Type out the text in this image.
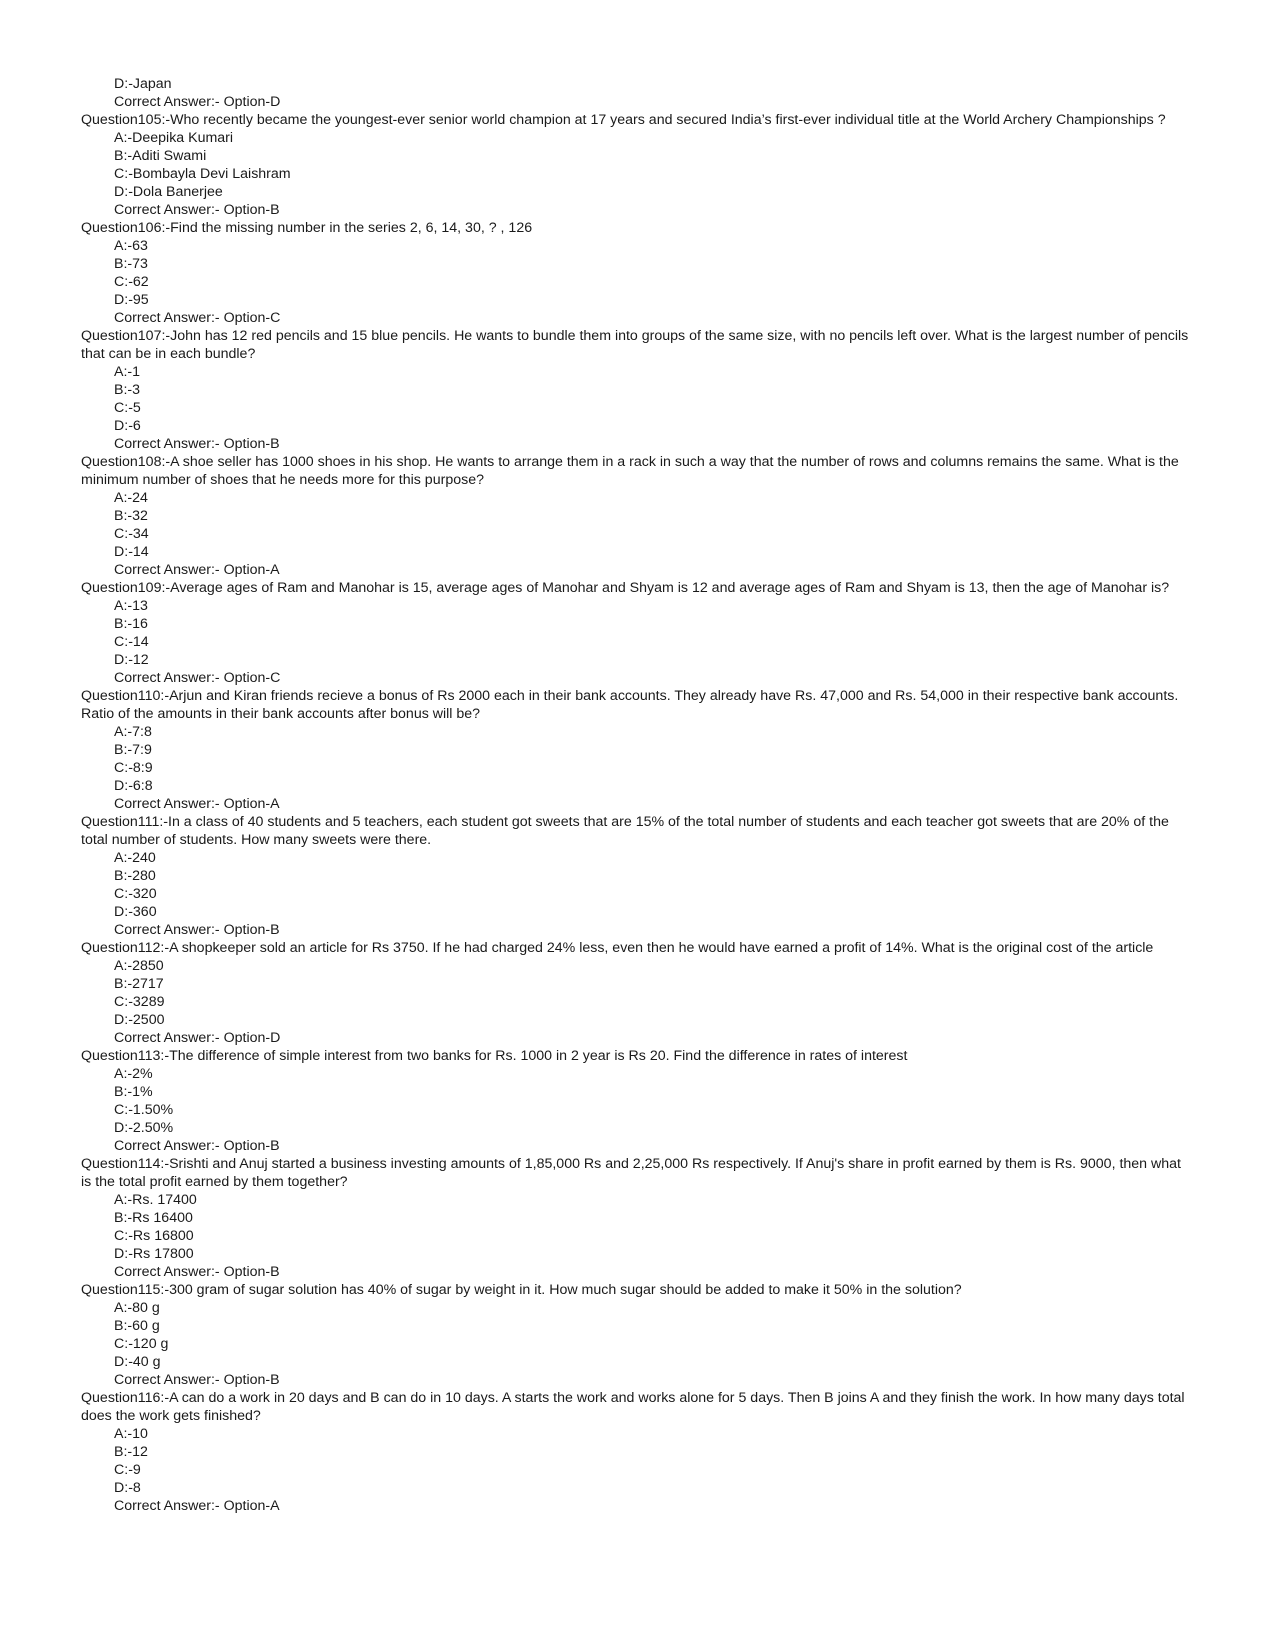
D:-Japan
Correct Answer:- Option-D
Question105:-Who recently became the youngest-ever senior world champion at 17 years and secured India’s first-ever individual title at the World Archery Championships ?
A:-Deepika Kumari
B:-Aditi Swami
C:-Bombayla Devi Laishram
D:-Dola Banerjee
Correct Answer:- Option-B
Question106:-Find the missing number in the series 2, 6, 14, 30, ? , 126
A:-63
B:-73
C:-62
D:-95
Correct Answer:- Option-C
Question107:-John has 12 red pencils and 15 blue pencils. He wants to bundle them into groups of the same size, with no pencils left over. What is the largest number of pencils that can be in each bundle?
A:-1
B:-3
C:-5
D:-6
Correct Answer:- Option-B
Question108:-A shoe seller has 1000 shoes in his shop. He wants to arrange them in a rack in such a way that the number of rows and columns remains the same. What is the minimum number of shoes that he needs more for this purpose?
A:-24
B:-32
C:-34
D:-14
Correct Answer:- Option-A
Question109:-Average ages of Ram and Manohar is 15, average ages of Manohar and Shyam is 12 and average ages of Ram and Shyam is 13, then the age of Manohar is?
A:-13
B:-16
C:-14
D:-12
Correct Answer:- Option-C
Question110:-Arjun and Kiran friends recieve a bonus of Rs 2000 each in their bank accounts. They already have Rs. 47,000 and Rs. 54,000 in their respective bank accounts. Ratio of the amounts in their bank accounts after bonus will be?
A:-7:8
B:-7:9
C:-8:9
D:-6:8
Correct Answer:- Option-A
Question111:-In a class of 40 students and 5 teachers, each student got sweets that are 15% of the total number of students and each teacher got sweets that are 20% of the total number of students. How many sweets were there.
A:-240
B:-280
C:-320
D:-360
Correct Answer:- Option-B
Question112:-A shopkeeper sold an article for Rs 3750. If he had charged 24% less, even then he would have earned a profit of 14%. What is the original cost of the article
A:-2850
B:-2717
C:-3289
D:-2500
Correct Answer:- Option-D
Question113:-The difference of simple interest from two banks for Rs. 1000 in 2 year is Rs 20. Find the difference in rates of interest
A:-2%
B:-1%
C:-1.50%
D:-2.50%
Correct Answer:- Option-B
Question114:-Srishti and Anuj started a business investing amounts of 1,85,000 Rs and 2,25,000 Rs respectively. If Anuj's share in profit earned by them is Rs. 9000, then what is the total profit earned by them together?
A:-Rs. 17400
B:-Rs 16400
C:-Rs 16800
D:-Rs 17800
Correct Answer:- Option-B
Question115:-300 gram of sugar solution has 40% of sugar by weight in it. How much sugar should be added to make it 50% in the solution?
A:-80 g
B:-60 g
C:-120 g
D:-40 g
Correct Answer:- Option-B
Question116:-A can do a work in 20 days and B can do in 10 days. A starts the work and works alone for 5 days. Then B joins A and they finish the work. In how many days total does the work gets finished?
A:-10
B:-12
C:-9
D:-8
Correct Answer:- Option-A
